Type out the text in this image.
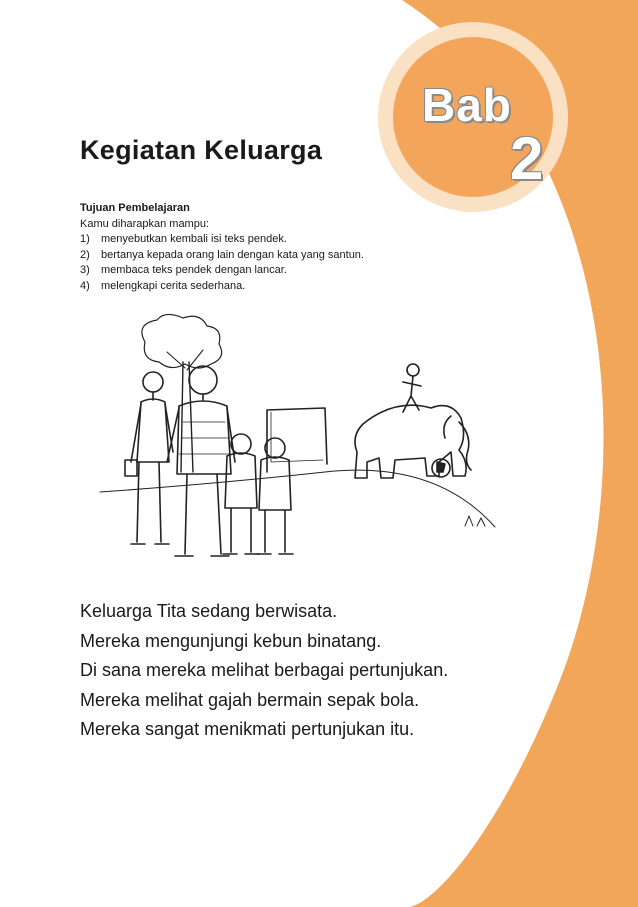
Bab
2
Kegiatan Keluarga
Tujuan Pembelajaran
Kamu diharapkan mampu:
1)	menyebutkan kembali isi teks pendek.
2)	bertanya kepada orang lain dengan kata yang santun.
3)	membaca teks pendek dengan lancar.
4)	melengkapi cerita sederhana.

Keluarga Tita sedang berwisata.

Mereka mengunjungi kebun binatang.

Di sana mereka melihat berbagai pertunjukan.

Mereka melihat gajah bermain sepak bola.

Mereka sangat menikmati pertunjukan itu.
